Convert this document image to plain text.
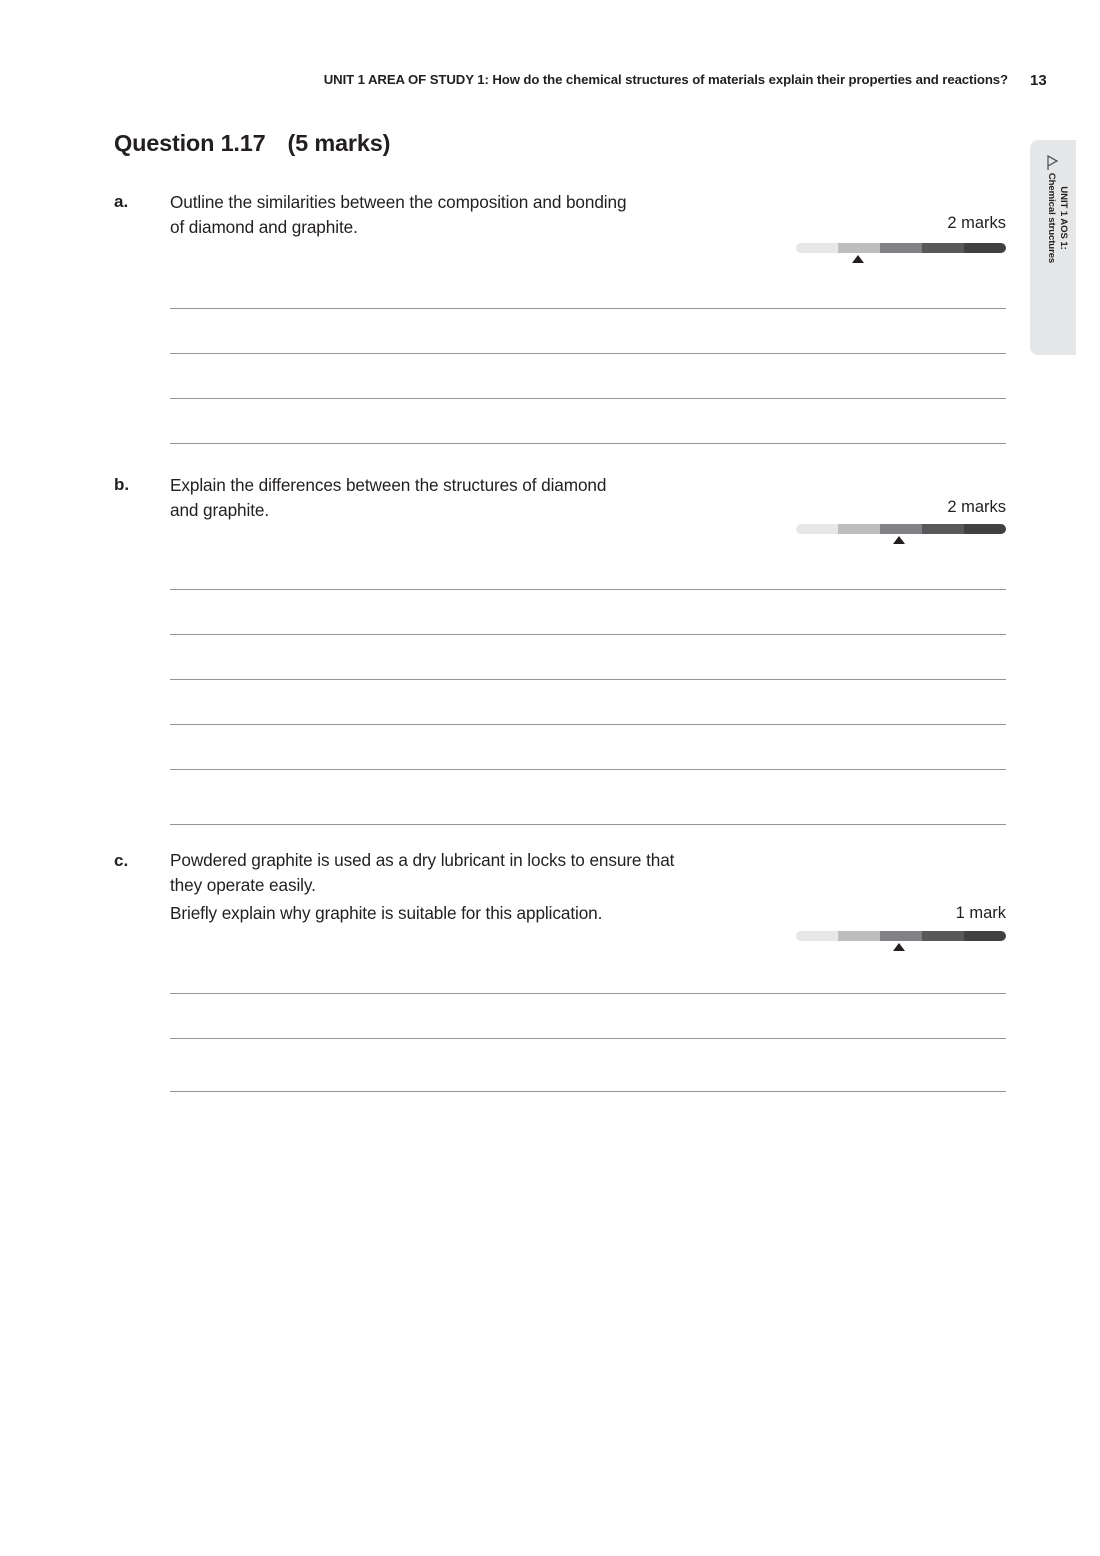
UNIT 1 AREA OF STUDY 1: How do the chemical structures of materials explain their properties and reactions? 13
UNIT 1 AOS 1:
Chemical structures
Question 1.17 (5 marks)
a. Outline the similarities between the composition and bonding
of diamond and graphite.	2 marks
b. Explain the differences between the structures of diamond
and graphite.	2 marks
c. Powdered graphite is used as a dry lubricant in locks to ensure that
they operate easily.
Briefly explain why graphite is suitable for this application.	1 mark
